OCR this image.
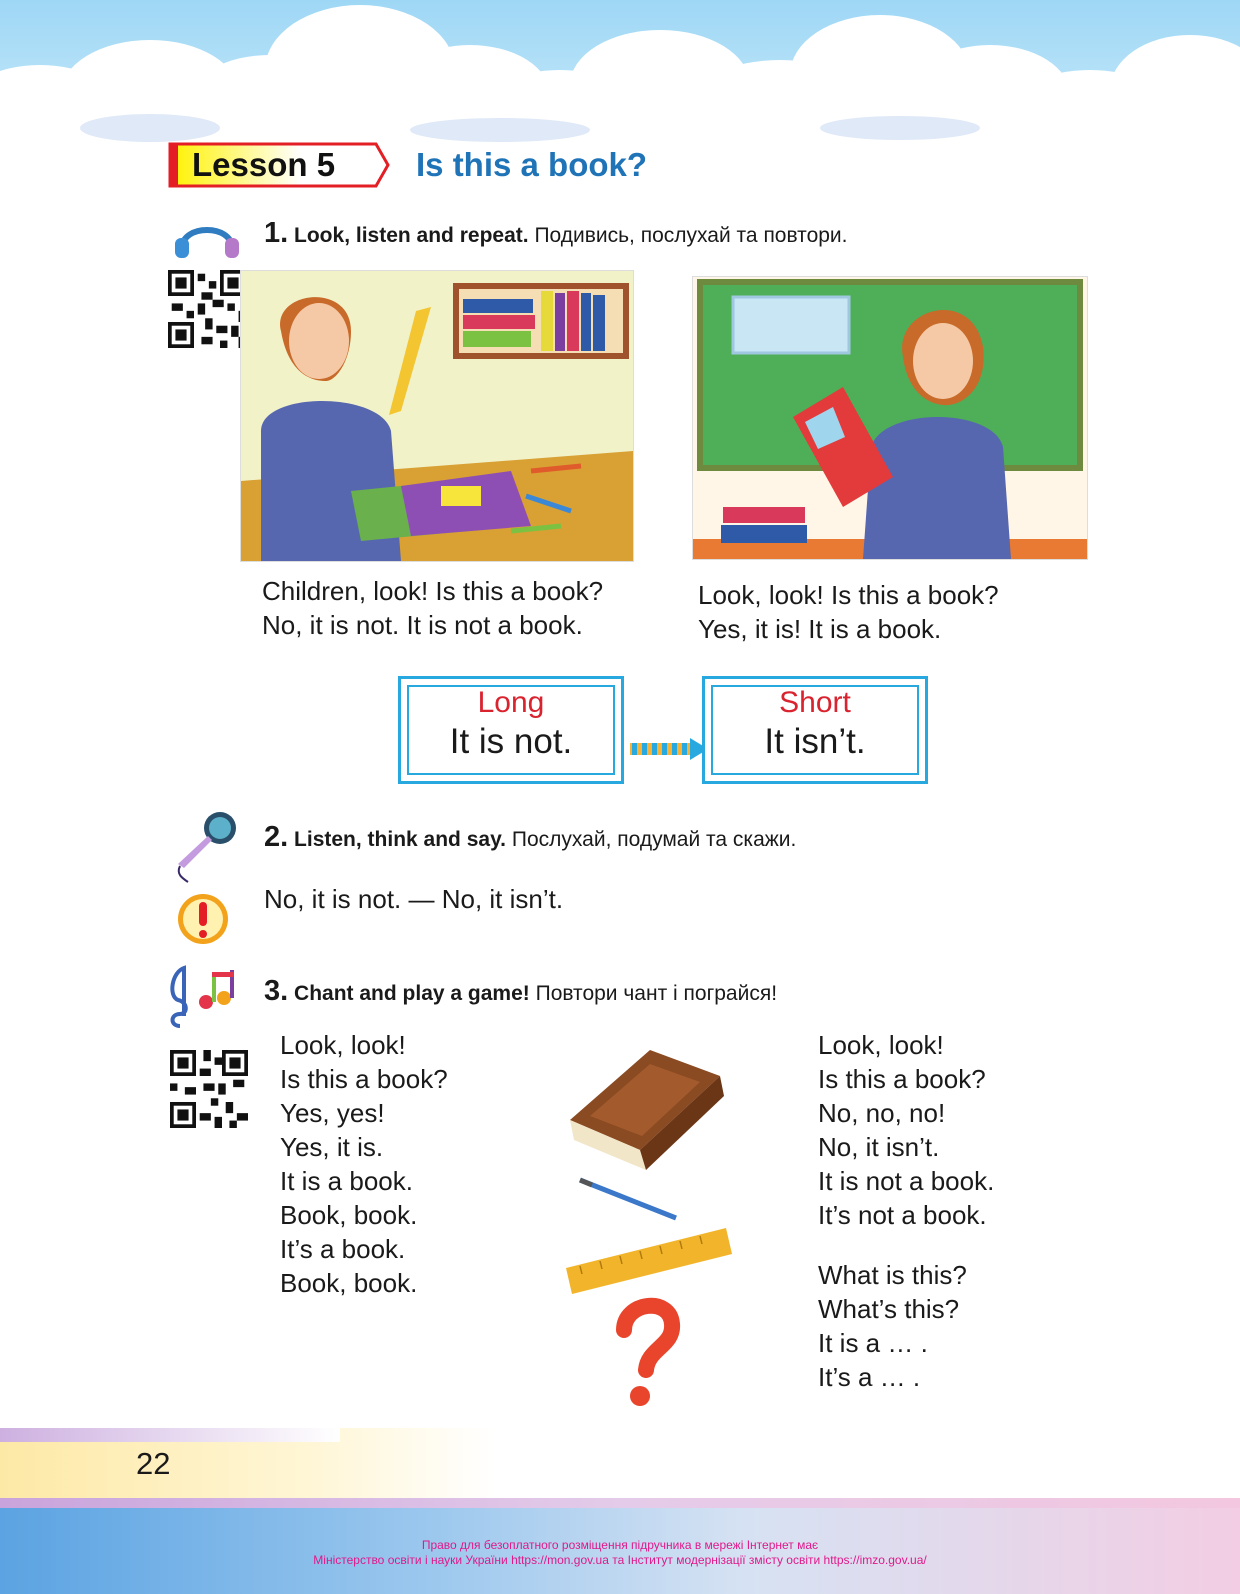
Lesson 5 Is this a book?
1. Look, listen and repeat. Подивись, послухай та повтори.
Children, look! Is this a book?
No, it is not. It is not a book.
Look, look! Is this a book?
Yes, it is! It is a book.
Long
It is not.
Short
It isn’t.
2. Listen, think and say. Послухай, подумай та скажи.
No, it is not. — No, it isn’t.
3. Chant and play a game! Повтори чант і пограйся!
Look, look!
Is this a book?
Yes, yes!
Yes, it is.
It is a book.
Book, book.
It’s a book.
Book, book.
Look, look!
Is this a book?
No, no, no!
No, it isn’t.
It is not a book.
It’s not a book.
What is this?
What’s this?
It is a … .
It’s a … .
22
Право для безоплатного розміщення підручника в мережі Інтернет має
Міністерство освіти і науки України https://mon.gov.ua та Інститут модернізації змісту освіти https://imzo.gov.ua/
